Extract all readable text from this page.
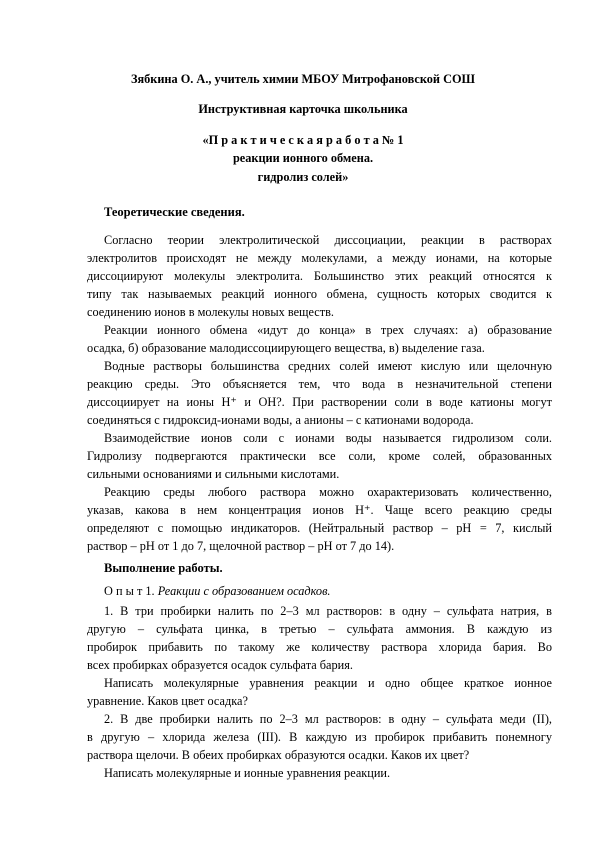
Зябкина О. А., учитель химии МБОУ Митрофановской СОШ
Инструктивная карточка школьника
«П р а к т и ч е с к а я р а б о т а № 1
реакции ионного обмена.
гидролиз солей»
Теоретические сведения.
Согласно теории электролитической диссоциации, реакции в растворах
электролитов происходят не между молекулами, а между ионами, на которые
диссоциируют молекулы электролита. Большинство этих реакций относятся к
типу так называемых реакций ионного обмена, сущность которых сводится к
соединению ионов в молекулы новых веществ.
Реакции ионного обмена «идут до конца» в трех случаях: а) образование
осадка, б) образование малодиссоциирующего вещества, в) выделение газа.
Водные растворы большинства средних солей имеют кислую или щелочную
реакцию среды. Это объясняется тем, что вода в незначительной степени
диссоциирует на ионы Н⁺ и ОН?. При растворении соли в воде катионы могут
соединяться с гидроксид-ионами воды, а анионы – с катионами водорода.
Взаимодействие ионов соли с ионами воды называется гидролизом соли.
Гидролизу подвергаются практически все соли, кроме солей, образованных
сильными основаниями и сильными кислотами.
Реакцию среды любого раствора можно охарактеризовать количественно,
указав, какова в нем концентрация ионов Н⁺. Чаще всего реакцию среды
определяют с помощью индикаторов. (Нейтральный раствор – рН = 7, кислый
раствор – рН от 1 до 7, щелочной раствор – рН от 7 до 14).
Выполнение работы.
О п ы т 1. Реакции с образованием осадков.
1. В три пробирки налить по 2–3 мл растворов: в одну – сульфата натрия, в
другую – сульфата цинка, в третью – сульфата аммония. В каждую из
пробирок прибавить по такому же количеству раствора хлорида бария. Во
всех пробирках образуется осадок сульфата бария.
Написать молекулярные уравнения реакции и одно общее краткое ионное
уравнение. Каков цвет осадка?
2. В две пробирки налить по 2–3 мл растворов: в одну – сульфата меди (II),
в другую – хлорида железа (III). В каждую из пробирок прибавить понемногу
раствора щелочи. В обеих пробирках образуются осадки. Каков их цвет?
Написать молекулярные и ионные уравнения реакции.
